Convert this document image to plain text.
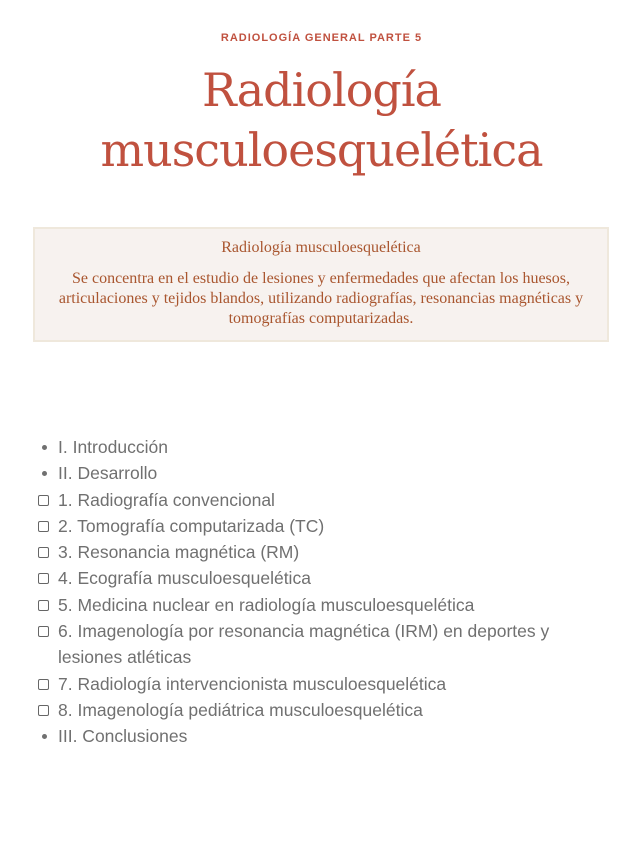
RADIOLOGÍA GENERAL PARTE 5
Radiología
musculoesquelética
Radiología musculoesquelética
Se concentra en el estudio de lesiones y enfermedades que afectan los huesos, articulaciones y tejidos blandos, utilizando radiografías, resonancias magnéticas y tomografías computarizadas.
I. Introducción
II. Desarrollo
1. Radiografía convencional
2. Tomografía computarizada (TC)
3. Resonancia magnética (RM)
4. Ecografía musculoesquelética
5. Medicina nuclear en radiología musculoesquelética
6. Imagenología por resonancia magnética (IRM) en deportes y lesiones atléticas
7. Radiología intervencionista musculoesquelética
8. Imagenología pediátrica musculoesquelética
III. Conclusiones
